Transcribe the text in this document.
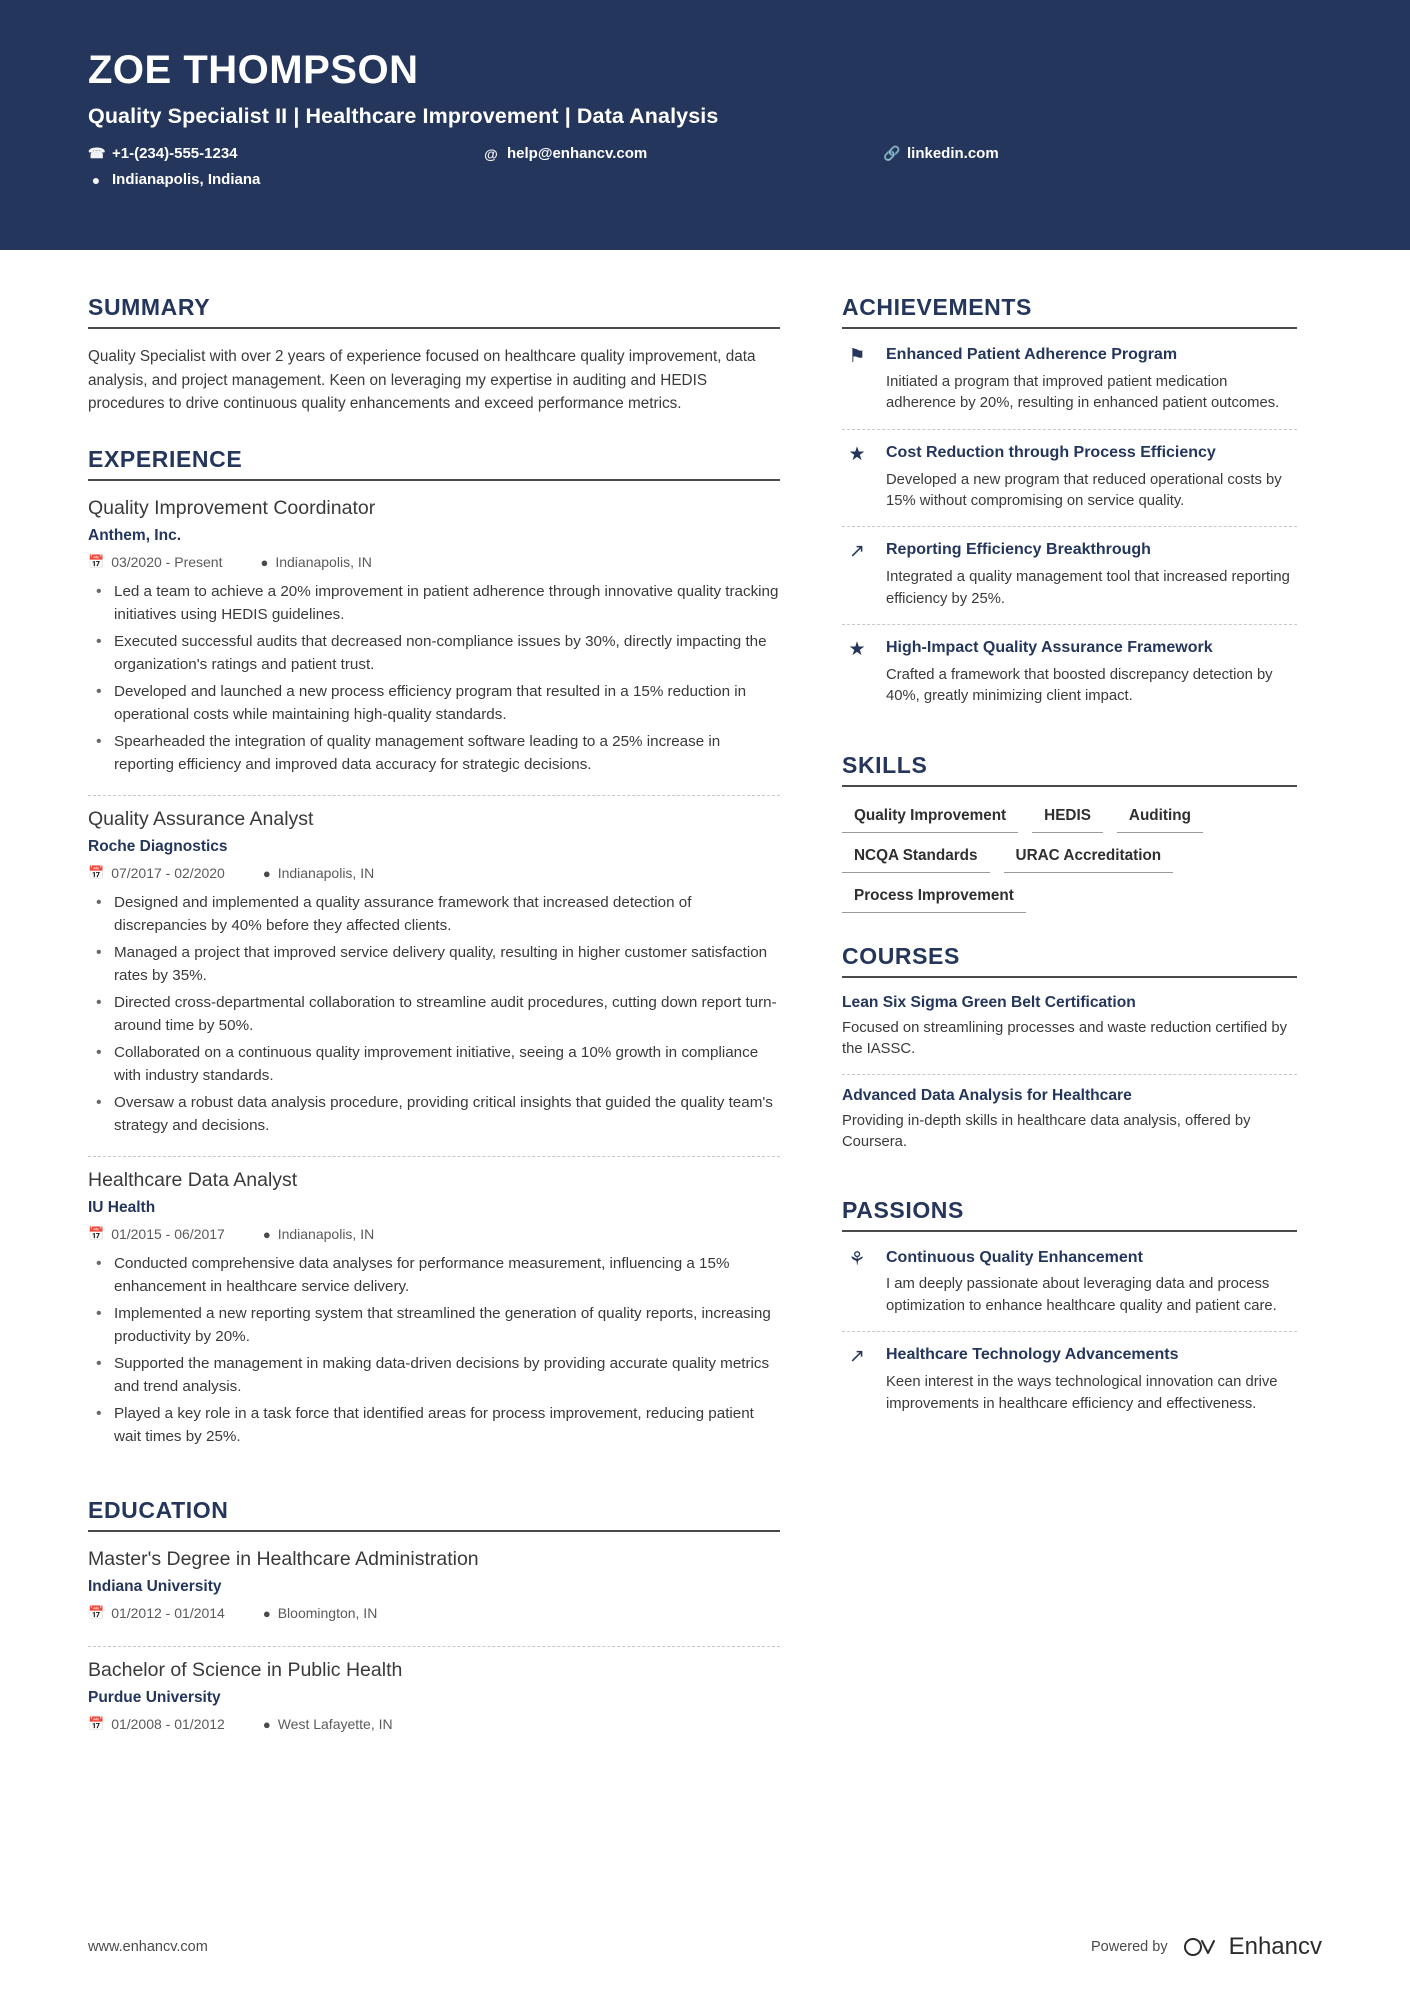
ZOE THOMPSON
Quality Specialist II | Healthcare Improvement | Data Analysis
☎ +1-(234)-555-1234	@ help@enhancv.com	🔗 linkedin.com
● Indianapolis, Indiana
SUMMARY
Quality Specialist with over 2 years of experience focused on healthcare quality improvement, data analysis, and project management. Keen on leveraging my expertise in auditing and HEDIS procedures to drive continuous quality enhancements and exceed performance metrics.
EXPERIENCE
Quality Improvement Coordinator
Anthem, Inc.
📅 03/2020 - Present	● Indianapolis, IN
• Led a team to achieve a 20% improvement in patient adherence through innovative quality tracking initiatives using HEDIS guidelines.
• Executed successful audits that decreased non-compliance issues by 30%, directly impacting the organization's ratings and patient trust.
• Developed and launched a new process efficiency program that resulted in a 15% reduction in operational costs while maintaining high-quality standards.
• Spearheaded the integration of quality management software leading to a 25% increase in reporting efficiency and improved data accuracy for strategic decisions.
Quality Assurance Analyst
Roche Diagnostics
📅 07/2017 - 02/2020	● Indianapolis, IN
• Designed and implemented a quality assurance framework that increased detection of discrepancies by 40% before they affected clients.
• Managed a project that improved service delivery quality, resulting in higher customer satisfaction rates by 35%.
• Directed cross-departmental collaboration to streamline audit procedures, cutting down report turn-around time by 50%.
• Collaborated on a continuous quality improvement initiative, seeing a 10% growth in compliance with industry standards.
• Oversaw a robust data analysis procedure, providing critical insights that guided the quality team's strategy and decisions.
Healthcare Data Analyst
IU Health
📅 01/2015 - 06/2017	● Indianapolis, IN
• Conducted comprehensive data analyses for performance measurement, influencing a 15% enhancement in healthcare service delivery.
• Implemented a new reporting system that streamlined the generation of quality reports, increasing productivity by 20%.
• Supported the management in making data-driven decisions by providing accurate quality metrics and trend analysis.
• Played a key role in a task force that identified areas for process improvement, reducing patient wait times by 25%.
EDUCATION
Master's Degree in Healthcare Administration
Indiana University
📅 01/2012 - 01/2014	● Bloomington, IN
Bachelor of Science in Public Health
Purdue University
📅 01/2008 - 01/2012	● West Lafayette, IN
ACHIEVEMENTS
⚑	Enhanced Patient Adherence Program
Initiated a program that improved patient medication adherence by 20%, resulting in enhanced patient outcomes.
★	Cost Reduction through Process Efficiency
Developed a new program that reduced operational costs by 15% without compromising on service quality.
↗	Reporting Efficiency Breakthrough
Integrated a quality management tool that increased reporting efficiency by 25%.
★	High-Impact Quality Assurance Framework
Crafted a framework that boosted discrepancy detection by 40%, greatly minimizing client impact.
SKILLS
Quality Improvement	HEDIS	Auditing
NCQA Standards	URAC Accreditation
Process Improvement
COURSES
Lean Six Sigma Green Belt Certification
Focused on streamlining processes and waste reduction certified by the IASSC.
Advanced Data Analysis for Healthcare
Providing in-depth skills in healthcare data analysis, offered by Coursera.
PASSIONS
⚘	Continuous Quality Enhancement
I am deeply passionate about leveraging data and process optimization to enhance healthcare quality and patient care.
↗	Healthcare Technology Advancements
Keen interest in the ways technological innovation can drive improvements in healthcare efficiency and effectiveness.
www.enhancv.com	Powered by	Enhancv
